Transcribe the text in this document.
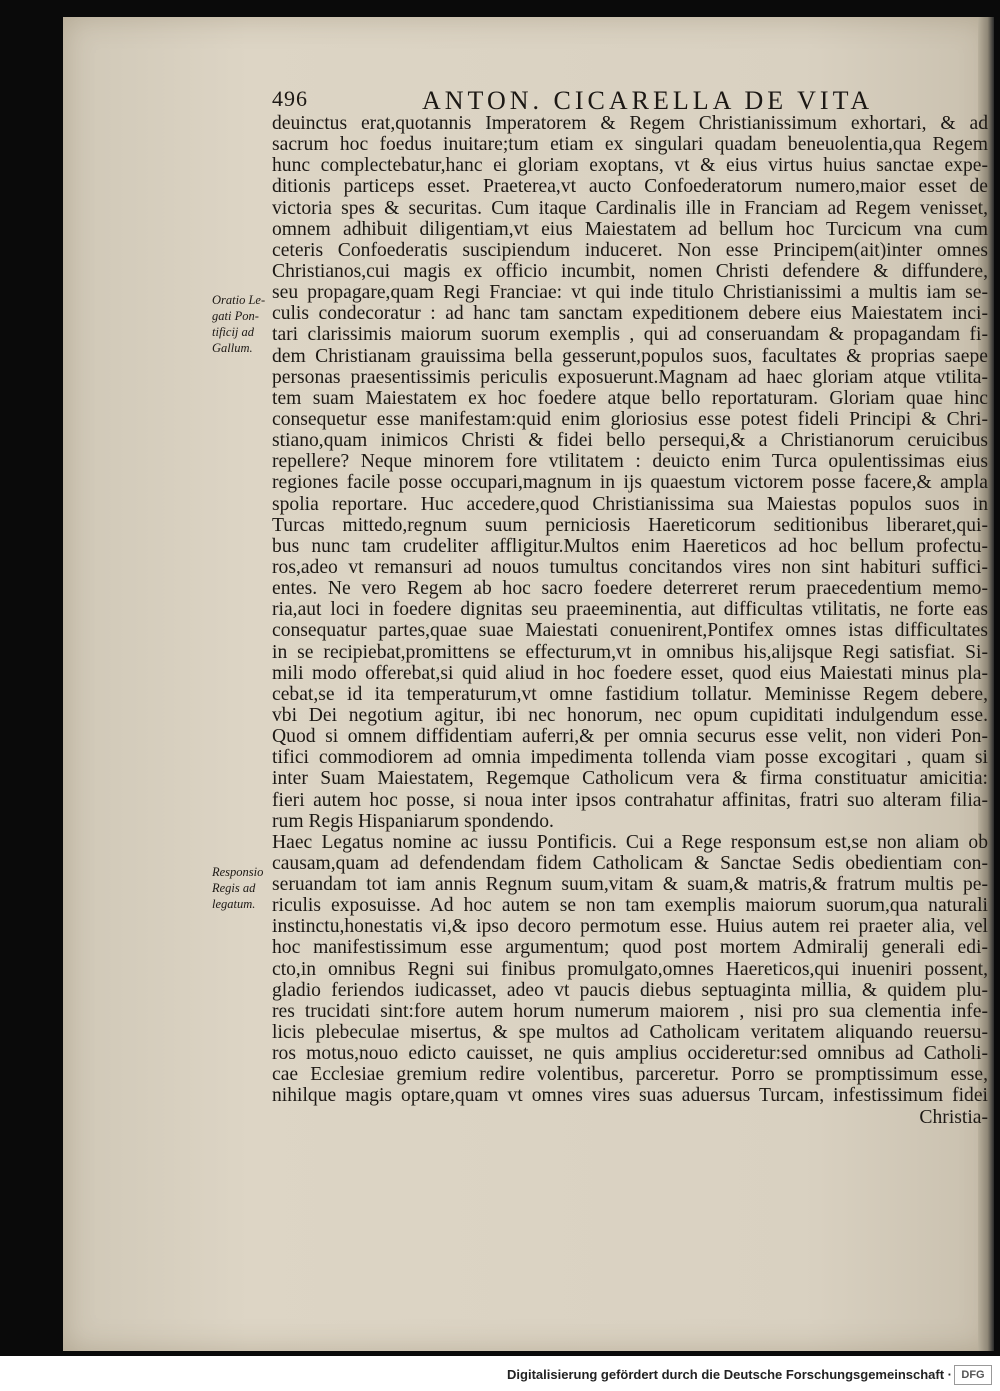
496	ANTON. CICARELLA DE VITA
Oratio Le-
gati Pon-
tificij ad
Gallum.
Responsio
Regis ad
legatum.
deuinctus erat,quotannis Imperatorem & Regem Christianissimum exhortari, & ad
sacrum hoc foedus inuitare;tum etiam ex singulari quadam beneuolentia,qua Regem
hunc complectebatur,hanc ei gloriam exoptans, vt & eius virtus huius sanctae expe-
ditionis particeps esset. Praeterea,vt aucto Confoederatorum numero,maior esset de
victoria spes & securitas. Cum itaque Cardinalis ille in Franciam ad Regem venisset,
omnem adhibuit diligentiam,vt eius Maiestatem ad bellum hoc Turcicum vna cum
ceteris Confoederatis suscipiendum induceret. Non esse Principem(ait)inter omnes
Christianos,cui magis ex officio incumbit, nomen Christi defendere & diffundere,
seu propagare,quam Regi Franciae: vt qui inde titulo Christianissimi a multis iam se-
culis condecoratur : ad hanc tam sanctam expeditionem debere eius Maiestatem inci-
tari clarissimis maiorum suorum exemplis , qui ad conseruandam & propagandam fi-
dem Christianam grauissima bella gesserunt,populos suos, facultates & proprias saepe
personas praesentissimis periculis exposuerunt.Magnam ad haec gloriam atque vtilita-
tem suam Maiestatem ex hoc foedere atque bello reportaturam. Gloriam quae hinc
consequetur esse manifestam:quid enim gloriosius esse potest fideli Principi & Chri-
stiano,quam inimicos Christi & fidei bello persequi,& a Christianorum ceruicibus
repellere? Neque minorem fore vtilitatem : deuicto enim Turca opulentissimas eius
regiones facile posse occupari,magnum in ijs quaestum victorem posse facere,& ampla
spolia reportare. Huc accedere,quod Christianissima sua Maiestas populos suos in
Turcas mittedo,regnum suum perniciosis Haereticorum seditionibus liberaret,qui-
bus nunc tam crudeliter affligitur.Multos enim Haereticos ad hoc bellum profectu-
ros,adeo vt remansuri ad nouos tumultus concitandos vires non sint habituri suffici-
entes. Ne vero Regem ab hoc sacro foedere deterreret rerum praecedentium memo-
ria,aut loci in foedere dignitas seu praeeminentia, aut difficultas vtilitatis, ne forte eas
consequatur partes,quae suae Maiestati conuenirent,Pontifex omnes istas difficultates
in se recipiebat,promittens se effecturum,vt in omnibus his,alijsque Regi satisfiat. Si-
mili modo offerebat,si quid aliud in hoc foedere esset, quod eius Maiestati minus pla-
cebat,se id ita temperaturum,vt omne fastidium tollatur. Meminisse Regem debere,
vbi Dei negotium agitur, ibi nec honorum, nec opum cupiditati indulgendum esse.
Quod si omnem diffidentiam auferri,& per omnia securus esse velit, non videri Pon-
tifici commodiorem ad omnia impedimenta tollenda viam posse excogitari , quam si
inter Suam Maiestatem, Regemque Catholicum vera & firma constituatur amicitia:
fieri autem hoc posse, si noua inter ipsos contrahatur affinitas, fratri suo alteram filia-
rum Regis Hispaniarum spondendo.
Haec Legatus nomine ac iussu Pontificis. Cui a Rege responsum est,se non aliam ob
causam,quam ad defendendam fidem Catholicam & Sanctae Sedis obedientiam con-
seruandam tot iam annis Regnum suum,vitam & suam,& matris,& fratrum multis pe-
riculis exposuisse. Ad hoc autem se non tam exemplis maiorum suorum,qua naturali
instinctu,honestatis vi,& ipso decoro permotum esse. Huius autem rei praeter alia, vel
hoc manifestissimum esse argumentum; quod post mortem Admiralij generali edi-
cto,in omnibus Regni sui finibus promulgato,omnes Haereticos,qui inueniri possent,
gladio feriendos iudicasset, adeo vt paucis diebus septuaginta millia, & quidem plu-
res trucidati sint:fore autem horum numerum maiorem , nisi pro sua clementia infe-
licis plebeculae misertus, & spe multos ad Catholicam veritatem aliquando reuersu-
ros motus,nouo edicto cauisset, ne quis amplius occideretur:sed omnibus ad Catholi-
cae Ecclesiae gremium redire volentibus, parceretur. Porro se promptissimum esse,
nihilque magis optare,quam vt omnes vires suas aduersus Turcam, infestissimum fidei
Christia-
Digitalisierung gefördert durch die Deutsche Forschungsgemeinschaft · DFG
